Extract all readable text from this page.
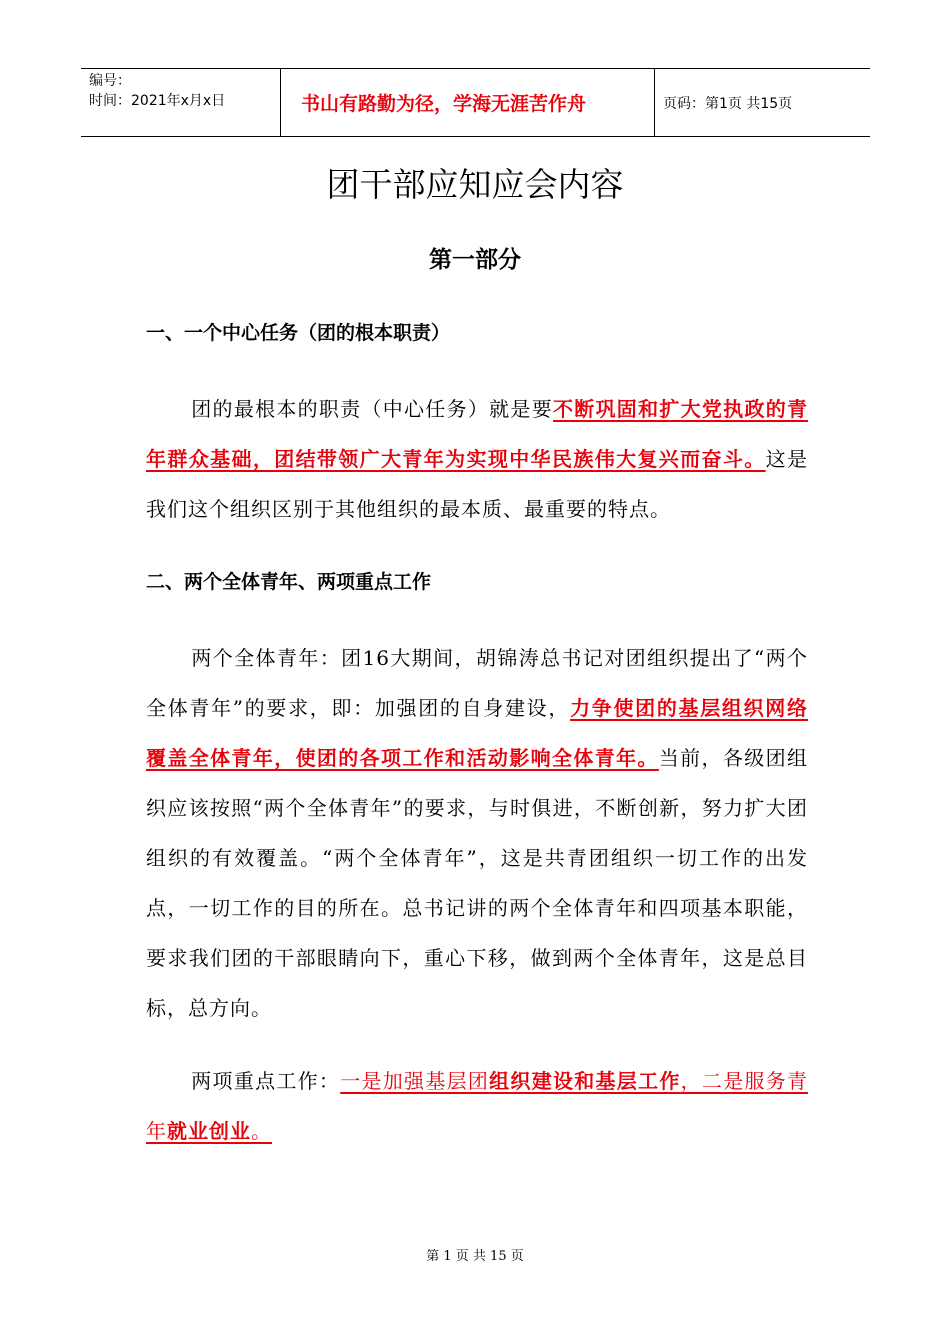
编号：
时间：2021年x月x日	书山有路勤为径，学海无涯苦作舟	页码：第1页 共15页
团干部应知应会内容
第一部分
一、一个中心任务（团的根本职责）
团的最根本的职责（中心任务）就是要不断巩固和扩大党执政的青年群众基础，团结带领广大青年为实现中华民族伟大复兴而奋斗。这是我们这个组织区别于其他组织的最本质、最重要的特点。
二、两个全体青年、两项重点工作
两个全体青年：团16大期间，胡锦涛总书记对团组织提出了“两个全体青年”的要求，即：加强团的自身建设，力争使团的基层组织网络覆盖全体青年，使团的各项工作和活动影响全体青年。当前，各级团组织应该按照“两个全体青年”的要求，与时俱进，不断创新，努力扩大团组织的有效覆盖。“两个全体青年”，这是共青团组织一切工作的出发点，一切工作的目的所在。总书记讲的两个全体青年和四项基本职能，要求我们团的干部眼睛向下，重心下移，做到两个全体青年，这是总目标，总方向。
两项重点工作：一是加强基层团组织建设和基层工作，二是服务青年就业创业。
第 1 页 共 15 页
